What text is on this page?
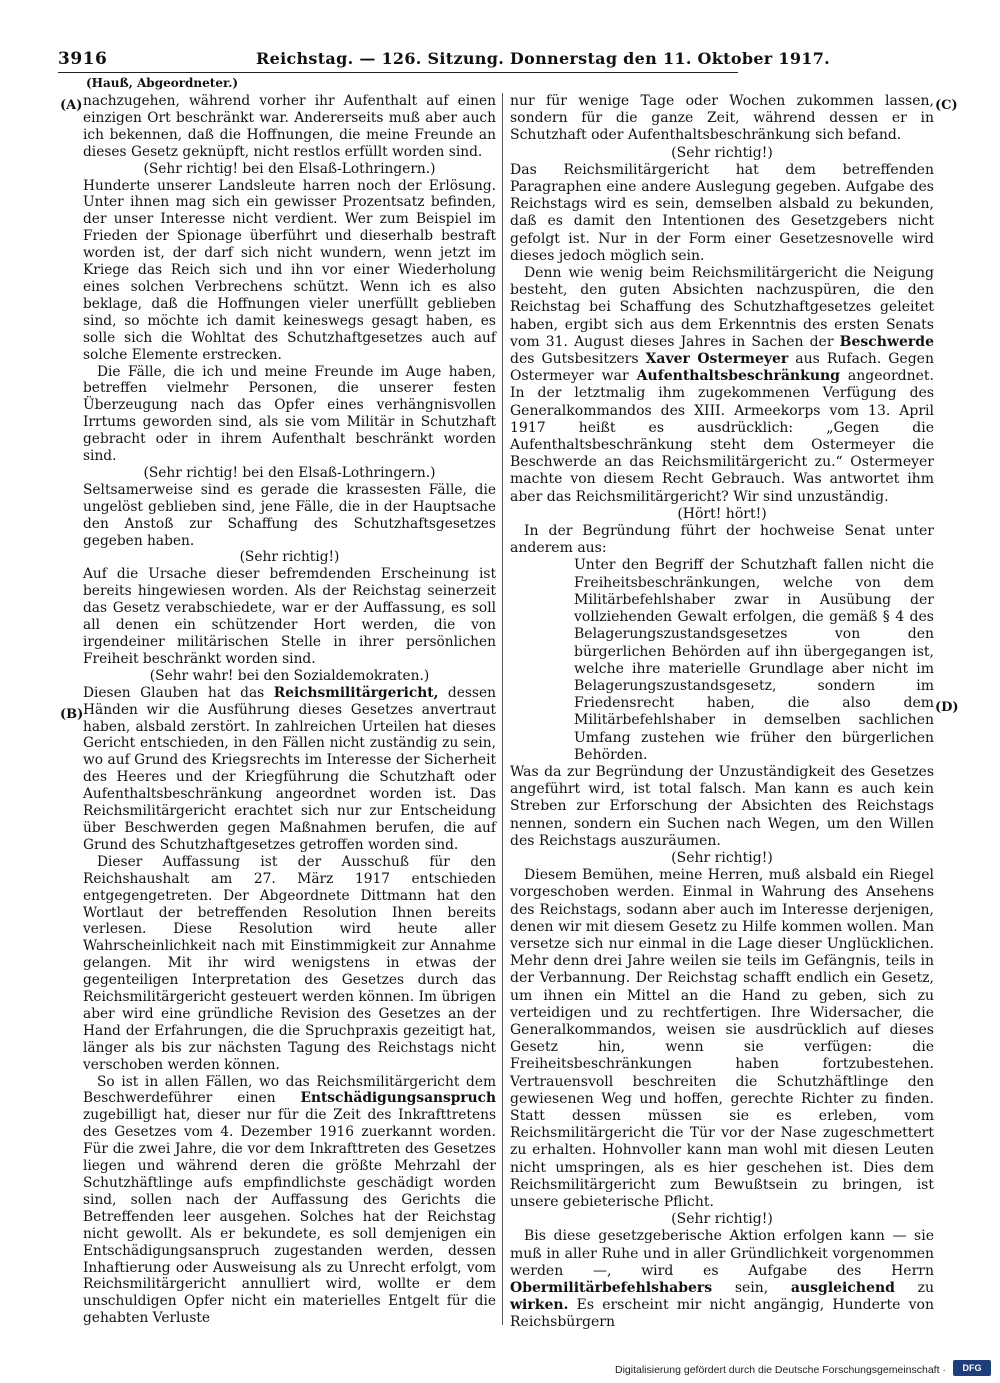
3916	Reichstag. — 126. Sitzung. Donnerstag den 11. Oktober 1917.
(Hauß, Abgeordneter.)
(A)
(B)
(C)
(D)

nachzugehen, während vorher ihr Aufenthalt auf einen einzigen Ort beschränkt war. Andererseits muß aber auch ich bekennen, daß die Hoffnungen, die meine Freunde an dieses Gesetz geknüpft, nicht restlos erfüllt worden sind.

(Sehr richtig! bei den Elsaß-Lothringern.)

Hunderte unserer Landsleute harren noch der Erlösung. Unter ihnen mag sich ein gewisser Prozentsatz befinden, der unser Interesse nicht verdient. Wer zum Beispiel im Frieden der Spionage überführt und dieserhalb bestraft worden ist, der darf sich nicht wundern, wenn jetzt im Kriege das Reich sich und ihn vor einer Wiederholung eines solchen Verbrechens schützt. Wenn ich es also beklage, daß die Hoffnungen vieler unerfüllt geblieben sind, so möchte ich damit keineswegs gesagt haben, es solle sich die Wohltat des Schutzhaftgesetzes auch auf solche Elemente erstrecken.

Die Fälle, die ich und meine Freunde im Auge haben, betreffen vielmehr Personen, die unserer festen Überzeugung nach das Opfer eines verhängnisvollen Irrtums geworden sind, als sie vom Militär in Schutzhaft gebracht oder in ihrem Aufenthalt beschränkt worden sind.

(Sehr richtig! bei den Elsaß-Lothringern.)

Seltsamerweise sind es gerade die krassesten Fälle, die ungelöst geblieben sind, jene Fälle, die in der Hauptsache den Anstoß zur Schaffung des Schutzhaftsgesetzes gegeben haben.

(Sehr richtig!)

Auf die Ursache dieser befremdenden Erscheinung ist bereits hingewiesen worden. Als der Reichstag seinerzeit das Gesetz verabschiedete, war er der Auffassung, es soll all denen ein schützender Hort werden, die von irgendeiner militärischen Stelle in ihrer persönlichen Freiheit beschränkt worden sind.

(Sehr wahr! bei den Sozialdemokraten.)

Diesen Glauben hat das Reichsmilitärgericht, dessen Händen wir die Ausführung dieses Gesetzes anvertraut haben, alsbald zerstört. In zahlreichen Urteilen hat dieses Gericht entschieden, in den Fällen nicht zuständig zu sein, wo auf Grund des Kriegsrechts im Interesse der Sicherheit des Heeres und der Kriegführung die Schutzhaft oder Aufenthaltsbeschränkung angeordnet worden ist. Das Reichsmilitärgericht erachtet sich nur zur Entscheidung über Beschwerden gegen Maßnahmen berufen, die auf Grund des Schutzhaftgesetzes getroffen worden sind.

Dieser Auffassung ist der Ausschuß für den Reichshaushalt am 27. März 1917 entschieden entgegengetreten. Der Abgeordnete Dittmann hat den Wortlaut der betreffenden Resolution Ihnen bereits verlesen. Diese Resolution wird heute aller Wahrscheinlichkeit nach mit Einstimmigkeit zur Annahme gelangen. Mit ihr wird wenigstens in etwas der gegenteiligen Interpretation des Gesetzes durch das Reichsmilitärgericht gesteuert werden können. Im übrigen aber wird eine gründliche Revision des Gesetzes an der Hand der Erfahrungen, die die Spruchpraxis gezeitigt hat, länger als bis zur nächsten Tagung des Reichstags nicht verschoben werden können.

So ist in allen Fällen, wo das Reichsmilitärgericht dem Beschwerdeführer einen Entschädigungsanspruch zugebilligt hat, dieser nur für die Zeit des Inkrafttretens des Gesetzes vom 4. Dezember 1916 zuerkannt worden. Für die zwei Jahre, die vor dem Inkrafttreten des Gesetzes liegen und während deren die größte Mehrzahl der Schutzhäftlinge aufs empfindlichste geschädigt worden sind, sollen nach der Auffassung des Gerichts die Betreffenden leer ausgehen. Solches hat der Reichstag nicht gewollt. Als er bekundete, es soll demjenigen ein Entschädigungsanspruch zugestanden werden, dessen Inhaftierung oder Ausweisung als zu Unrecht erfolgt, vom Reichsmilitärgericht annulliert wird, wollte er dem unschuldigen Opfer nicht ein materielles Entgelt für die gehabten Verluste

nur für wenige Tage oder Wochen zukommen lassen, sondern für die ganze Zeit, während dessen er in Schutzhaft oder Aufenthaltsbeschränkung sich befand.

(Sehr richtig!)

Das Reichsmilitärgericht hat dem betreffenden Paragraphen eine andere Auslegung gegeben. Aufgabe des Reichstags wird es sein, demselben alsbald zu bekunden, daß es damit den Intentionen des Gesetzgebers nicht gefolgt ist. Nur in der Form einer Gesetzesnovelle wird dieses jedoch möglich sein.

Denn wie wenig beim Reichsmilitärgericht die Neigung besteht, den guten Absichten nachzuspüren, die den Reichstag bei Schaffung des Schutzhaftgesetzes geleitet haben, ergibt sich aus dem Erkenntnis des ersten Senats vom 31. August dieses Jahres in Sachen der Beschwerde des Gutsbesitzers Xaver Ostermeyer aus Rufach. Gegen Ostermeyer war Aufenthaltsbeschränkung angeordnet. In der letztmalig ihm zugekommenen Verfügung des Generalkommandos des XIII. Armeekorps vom 13. April 1917 heißt es ausdrücklich: „Gegen die Aufenthaltsbeschränkung steht dem Ostermeyer die Beschwerde an das Reichsmilitärgericht zu.“ Ostermeyer machte von diesem Recht Gebrauch. Was antwortet ihm aber das Reichsmilitärgericht? Wir sind unzuständig.

(Hört! hört!)

In der Begründung führt der hochweise Senat unter anderem aus:

Unter den Begriff der Schutzhaft fallen nicht die Freiheitsbeschränkungen, welche von dem Militärbefehlshaber zwar in Ausübung der vollziehenden Gewalt erfolgen, die gemäß § 4 des Belagerungszustandsgesetzes von den bürgerlichen Behörden auf ihn übergegangen ist, welche ihre materielle Grundlage aber nicht im Belagerungszustandsgesetz, sondern im Friedensrecht haben, die also dem Militärbefehlshaber in demselben sachlichen Umfang zustehen wie früher den bürgerlichen Behörden.

Was da zur Begründung der Unzuständigkeit des Gesetzes angeführt wird, ist total falsch. Man kann es auch kein Streben zur Erforschung der Absichten des Reichstags nennen, sondern ein Suchen nach Wegen, um den Willen des Reichstags auszuräumen.

(Sehr richtig!)

Diesem Bemühen, meine Herren, muß alsbald ein Riegel vorgeschoben werden. Einmal in Wahrung des Ansehens des Reichstags, sodann aber auch im Interesse derjenigen, denen wir mit diesem Gesetz zu Hilfe kommen wollen. Man versetze sich nur einmal in die Lage dieser Unglücklichen. Mehr denn drei Jahre weilen sie teils im Gefängnis, teils in der Verbannung. Der Reichstag schafft endlich ein Gesetz, um ihnen ein Mittel an die Hand zu geben, sich zu verteidigen und zu rechtfertigen. Ihre Widersacher, die Generalkommandos, weisen sie ausdrücklich auf dieses Gesetz hin, wenn sie verfügen: die Freiheitsbeschränkungen haben fortzubestehen. Vertrauensvoll beschreiten die Schutzhäftlinge den gewiesenen Weg und hoffen, gerechte Richter zu finden. Statt dessen müssen sie es erleben, vom Reichsmilitärgericht die Tür vor der Nase zugeschmettert zu erhalten. Hohnvoller kann man wohl mit diesen Leuten nicht umspringen, als es hier geschehen ist. Dies dem Reichsmilitärgericht zum Bewußtsein zu bringen, ist unsere gebieterische Pflicht.

(Sehr richtig!)

Bis diese gesetzgeberische Aktion erfolgen kann — sie muß in aller Ruhe und in aller Gründlichkeit vorgenommen werden —, wird es Aufgabe des Herrn Obermilitärbefehlshabers sein, ausgleichend zu wirken. Es erscheint mir nicht angängig, Hunderte von Reichsbürgern

Digitalisierung gefördert durch die Deutsche Forschungsgemeinschaft ·	DFG
